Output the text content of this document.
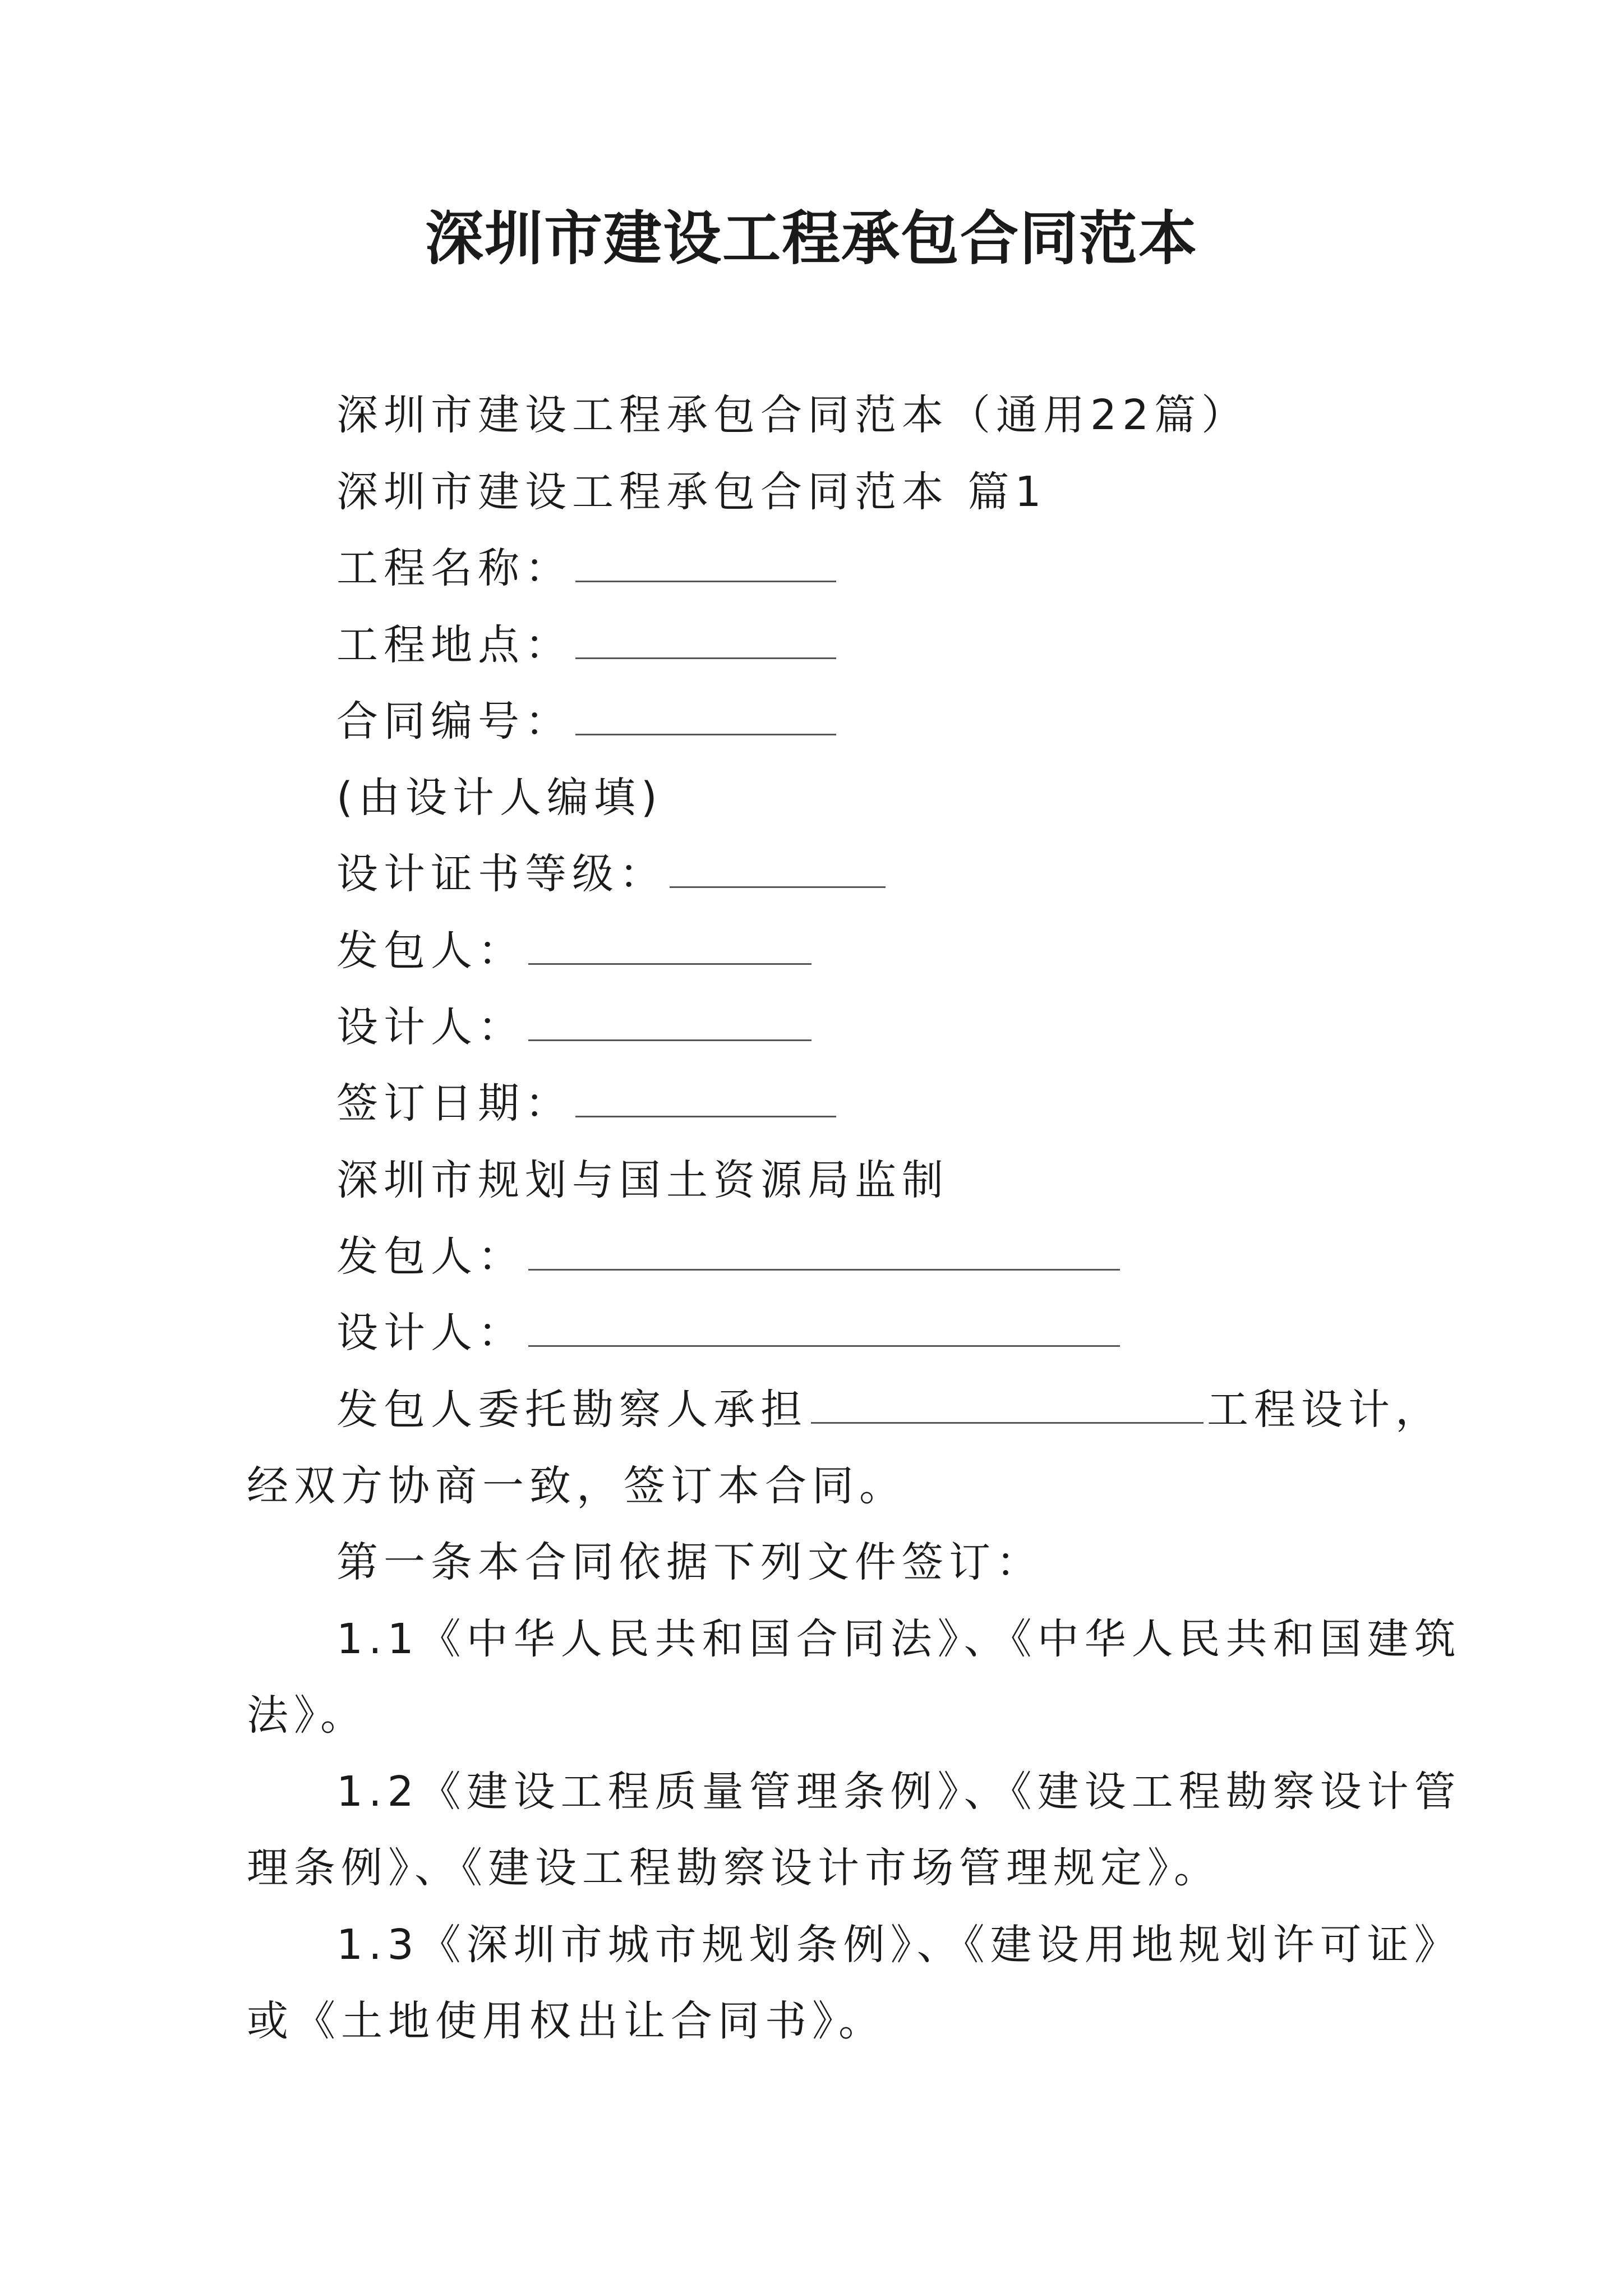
深圳市建设工程承包合同范本
深圳市建设工程承包合同范本（通用22篇）
深圳市建设工程承包合同范本 篇1
工程名称：
工程地点：
合同编号：
(由设计人编填)
设计证书等级：
发包人：
设计人：
签订日期：
深圳市规划与国土资源局监制
发包人：
设计人：
发包人委托勘察人承担	工程设计，
经双方协商一致，签订本合同。
第一条本合同依据下列文件签订：
1.1《中华人民共和国合同法》、《中华人民共和国建筑
法》。
1.2《建设工程质量管理条例》、《建设工程勘察设计管
理条例》、《建设工程勘察设计市场管理规定》。
1.3《深圳市城市规划条例》、《建设用地规划许可证》
或《土地使用权出让合同书》。
